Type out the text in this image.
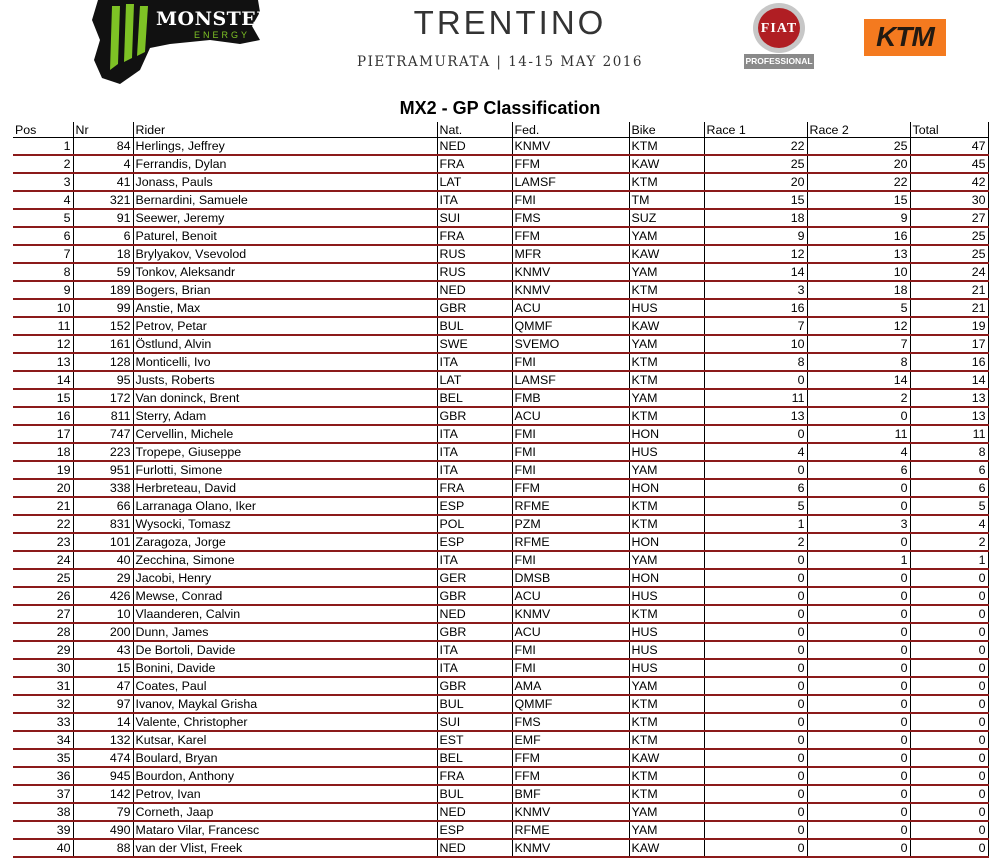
MONSTER
ENERGY	TRENTINO
PIETRAMURATA | 14-15 MAY 2016
FIAT
PROFESSIONAL
KTM
MX2 - GP Classification
Pos	Nr	Rider	Nat.	Fed.	Bike	Race 1	Race 2	Total
1	84	Herlings, Jeffrey	NED	KNMV	KTM	22	25	47
2	4	Ferrandis, Dylan	FRA	FFM	KAW	25	20	45
3	41	Jonass, Pauls	LAT	LAMSF	KTM	20	22	42
4	321	Bernardini, Samuele	ITA	FMI	TM	15	15	30
5	91	Seewer, Jeremy	SUI	FMS	SUZ	18	9	27
6	6	Paturel, Benoit	FRA	FFM	YAM	9	16	25
7	18	Brylyakov, Vsevolod	RUS	MFR	KAW	12	13	25
8	59	Tonkov, Aleksandr	RUS	KNMV	YAM	14	10	24
9	189	Bogers, Brian	NED	KNMV	KTM	3	18	21
10	99	Anstie, Max	GBR	ACU	HUS	16	5	21
11	152	Petrov, Petar	BUL	QMMF	KAW	7	12	19
12	161	Östlund, Alvin	SWE	SVEMO	YAM	10	7	17
13	128	Monticelli, Ivo	ITA	FMI	KTM	8	8	16
14	95	Justs, Roberts	LAT	LAMSF	KTM	0	14	14
15	172	Van doninck, Brent	BEL	FMB	YAM	11	2	13
16	811	Sterry, Adam	GBR	ACU	KTM	13	0	13
17	747	Cervellin, Michele	ITA	FMI	HON	0	11	11
18	223	Tropepe, Giuseppe	ITA	FMI	HUS	4	4	8
19	951	Furlotti, Simone	ITA	FMI	YAM	0	6	6
20	338	Herbreteau, David	FRA	FFM	HON	6	0	6
21	66	Larranaga Olano, Iker	ESP	RFME	KTM	5	0	5
22	831	Wysocki, Tomasz	POL	PZM	KTM	1	3	4
23	101	Zaragoza, Jorge	ESP	RFME	HON	2	0	2
24	40	Zecchina, Simone	ITA	FMI	YAM	0	1	1
25	29	Jacobi, Henry	GER	DMSB	HON	0	0	0
26	426	Mewse, Conrad	GBR	ACU	HUS	0	0	0
27	10	Vlaanderen, Calvin	NED	KNMV	KTM	0	0	0
28	200	Dunn, James	GBR	ACU	HUS	0	0	0
29	43	De Bortoli, Davide	ITA	FMI	HUS	0	0	0
30	15	Bonini, Davide	ITA	FMI	HUS	0	0	0
31	47	Coates, Paul	GBR	AMA	YAM	0	0	0
32	97	Ivanov, Maykal Grisha	BUL	QMMF	KTM	0	0	0
33	14	Valente, Christopher	SUI	FMS	KTM	0	0	0
34	132	Kutsar, Karel	EST	EMF	KTM	0	0	0
35	474	Boulard, Bryan	BEL	FFM	KAW	0	0	0
36	945	Bourdon, Anthony	FRA	FFM	KTM	0	0	0
37	142	Petrov, Ivan	BUL	BMF	KTM	0	0	0
38	79	Corneth, Jaap	NED	KNMV	YAM	0	0	0
39	490	Mataro Vilar, Francesc	ESP	RFME	YAM	0	0	0
40	88	van der Vlist, Freek	NED	KNMV	KAW	0	0	0
